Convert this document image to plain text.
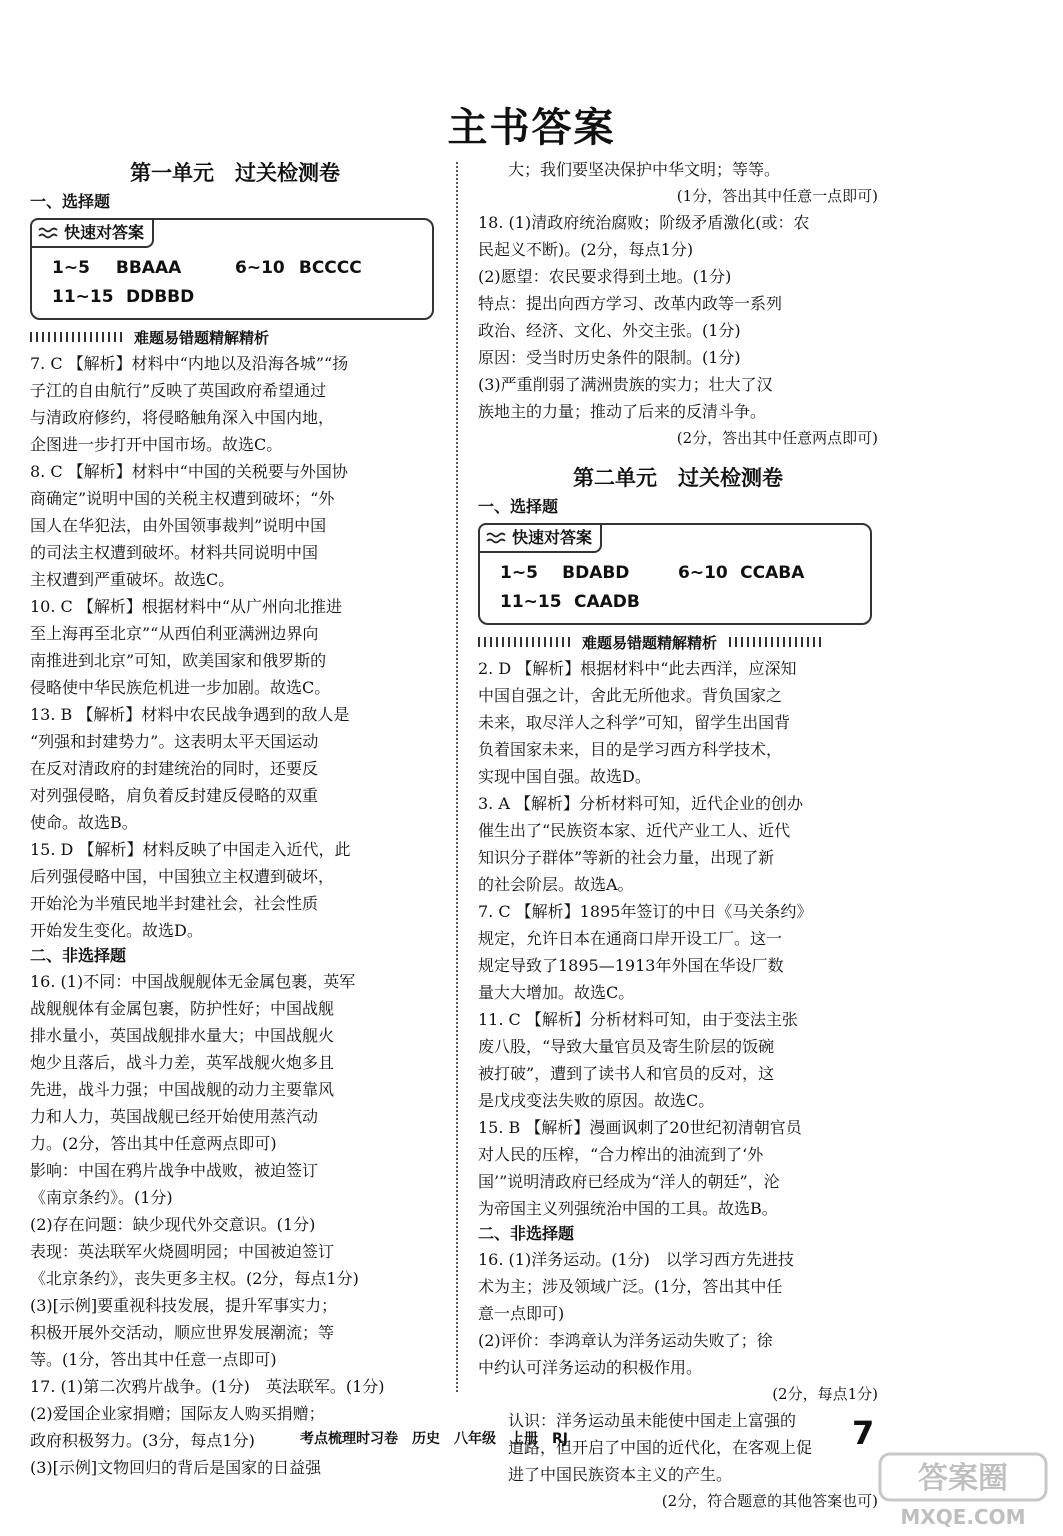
主书答案
第一单元　过关检测卷
一、选择题
快速对答案
1~5	BBAAA	6~10 BCCCC
11~15 DDBBD
难题易错题精解精析
7. C 【解析】材料中“内地以及沿海各城”“扬
子江的自由航行”反映了英国政府希望通过
与清政府修约，将侵略触角深入中国内地，
企图进一步打开中国市场。故选C。
8. C 【解析】材料中“中国的关税要与外国协
商确定”说明中国的关税主权遭到破坏；“外
国人在华犯法，由外国领事裁判”说明中国
的司法主权遭到破坏。材料共同说明中国
主权遭到严重破坏。故选C。
10. C 【解析】根据材料中“从广州向北推进
至上海再至北京”“从西伯利亚满洲边界向
南推进到北京”可知，欧美国家和俄罗斯的
侵略使中华民族危机进一步加剧。故选C。
13. B 【解析】材料中农民战争遇到的敌人是
“列强和封建势力”。这表明太平天国运动
在反对清政府的封建统治的同时，还要反
对列强侵略，肩负着反封建反侵略的双重
使命。故选B。
15. D 【解析】材料反映了中国走入近代，此
后列强侵略中国，中国独立主权遭到破坏，
开始沦为半殖民地半封建社会，社会性质
开始发生变化。故选D。
二、非选择题
16. (1)不同：中国战舰舰体无金属包裹，英军
战舰舰体有金属包裹，防护性好；中国战舰
排水量小，英国战舰排水量大；中国战舰火
炮少且落后，战斗力差，英军战舰火炮多且
先进，战斗力强；中国战舰的动力主要靠风
力和人力，英国战舰已经开始使用蒸汽动
力。(2分，答出其中任意两点即可)
影响：中国在鸦片战争中战败，被迫签订
《南京条约》。(1分)
(2)存在问题：缺少现代外交意识。(1分)
表现：英法联军火烧圆明园；中国被迫签订
《北京条约》，丧失更多主权。(2分，每点1分)
(3)[示例]要重视科技发展，提升军事实力；
积极开展外交活动，顺应世界发展潮流；等
等。(1分，答出其中任意一点即可)
17. (1)第二次鸦片战争。(1分)　英法联军。(1分)
(2)爱国企业家捐赠；国际友人购买捐赠；
政府积极努力。(3分，每点1分)
(3)[示例]文物回归的背后是国家的日益强
大；我们要坚决保护中华文明；等等。
(1分，答出其中任意一点即可)
18. (1)清政府统治腐败；阶级矛盾激化(或：农
民起义不断)。(2分，每点1分)
(2)愿望：农民要求得到土地。(1分)
特点：提出向西方学习、改革内政等一系列
政治、经济、文化、外交主张。(1分)
原因：受当时历史条件的限制。(1分)
(3)严重削弱了满洲贵族的实力；壮大了汉
族地主的力量；推动了后来的反清斗争。
(2分，答出其中任意两点即可)
第二单元　过关检测卷
一、选择题
快速对答案
1~5	BDABD	6~10 CCABA
11~15 CAADB
难题易错题精解精析
2. D 【解析】根据材料中“此去西洋，应深知
中国自强之计，舍此无所他求。背负国家之
未来，取尽洋人之科学”可知，留学生出国背
负着国家未来，目的是学习西方科学技术，
实现中国自强。故选D。
3. A 【解析】分析材料可知，近代企业的创办
催生出了“民族资本家、近代产业工人、近代
知识分子群体”等新的社会力量，出现了新
的社会阶层。故选A。
7. C 【解析】1895年签订的中日《马关条约》
规定，允许日本在通商口岸开设工厂。这一
规定导致了1895—1913年外国在华设厂数
量大大增加。故选C。
11. C 【解析】分析材料可知，由于变法主张
废八股，“导致大量官员及寄生阶层的饭碗
被打破”，遭到了读书人和官员的反对，这
是戊戌变法失败的原因。故选C。
15. B 【解析】漫画讽刺了20世纪初清朝官员
对人民的压榨，“合力榨出的油流到了‘外
国’”说明清政府已经成为“洋人的朝廷”，沦
为帝国主义列强统治中国的工具。故选B。
二、非选择题
16. (1)洋务运动。(1分)　以学习西方先进技
术为主；涉及领域广泛。(1分，答出其中任
意一点即可)
(2)评价：李鸿章认为洋务运动失败了；徐
中约认可洋务运动的积极作用。
(2分，每点1分)
认识：洋务运动虽未能使中国走上富强的
道路，但开启了中国的近代化，在客观上促
进了中国民族资本主义的产生。
(2分，符合题意的其他答案也可)
考点梳理时习卷　历史　八年级　上册　RJ	7
答案圈
MXQE.COM
